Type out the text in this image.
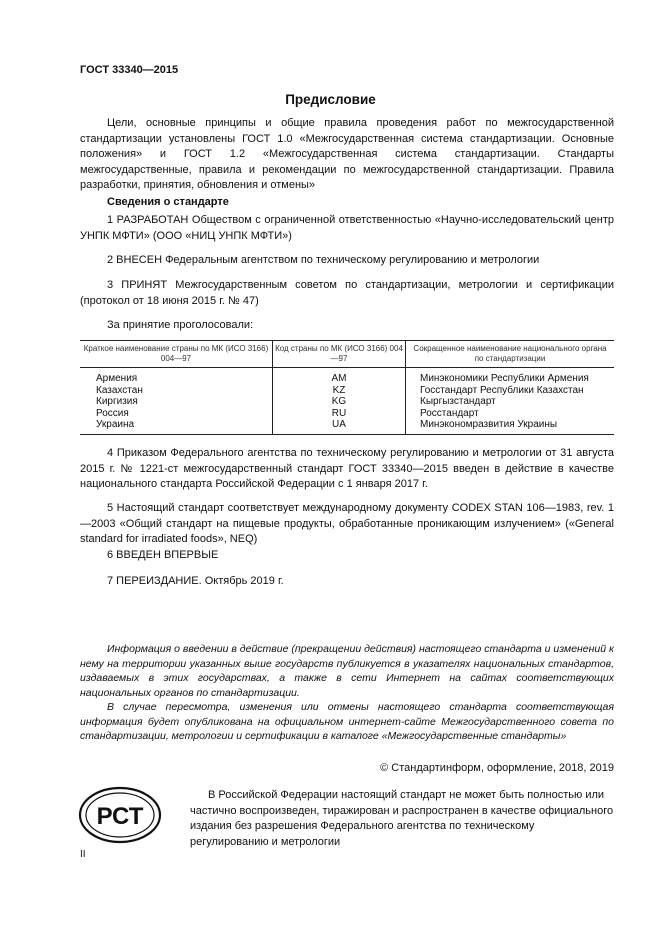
ГОСТ 33340—2015
Предисловие
Цели, основные принципы и общие правила проведения работ по межгосударственной стандартизации установлены ГОСТ 1.0 «Межгосударственная система стандартизации. Основные положения» и ГОСТ 1.2 «Межгосударственная система стандартизации. Стандарты межгосударственные, правила и рекомендации по межгосударственной стандартизации. Правила разработки, принятия, обновления и отмены»
Сведения о стандарте
1 РАЗРАБОТАН Обществом с ограниченной ответственностью «Научно-исследовательский центр УНПК МФТИ» (ООО «НИЦ УНПК МФТИ»)
2 ВНЕСЕН Федеральным агентством по техническому регулированию и метрологии
3 ПРИНЯТ Межгосударственным советом по стандартизации, метрологии и сертификации (протокол от 18 июня 2015 г. № 47)
За принятие проголосовали:
Краткое наименование страны по МК (ИСО 3166) 004—97	Код страны по МК (ИСО 3166) 004—97	Сокращенное наименование национального органа по стандартизации
Армения	AM	Минэкономики Республики Армения
Казахстан	KZ	Госстандарт Республики Казахстан
Киргизия	KG	Кыргызстандарт
Россия	RU	Росстандарт
Украина	UA	Минэкономразвития Украины
4 Приказом Федерального агентства по техническому регулированию и метрологии от 31 августа 2015 г. № 1221-ст межгосударственный стандарт ГОСТ 33340—2015 введен в действие в качестве национального стандарта Российской Федерации с 1 января 2017 г.
5 Настоящий стандарт соответствует международному документу CODEX STAN 106—1983, rev. 1—2003 «Общий стандарт на пищевые продукты, обработанные проникающим излучением» («General standard for irradiated foods», NEQ)
6 ВВЕДЕН ВПЕРВЫЕ
7 ПЕРЕИЗДАНИЕ. Октябрь 2019 г.
Информация о введении в действие (прекращении действия) настоящего стандарта и изменений к нему на территории указанных выше государств публикуется в указателях национальных стандартов, издаваемых в этих государствах, а также в сети Интернет на сайтах соответствующих национальных органов по стандартизации.
В случае пересмотра, изменения или отмены настоящего стандарта соответствующая информация будет опубликована на официальном интернет-сайте Межгосударственного совета по стандартизации, метрологии и сертификации в каталоге «Межгосударственные стандарты»
© Стандартинформ, оформление, 2018, 2019
РСТ
В Российской Федерации настоящий стандарт не может быть полностью или частично воспроизведен, тиражирован и распространен в качестве официального издания без разрешения Федерального агентства по техническому регулированию и метрологии
II
